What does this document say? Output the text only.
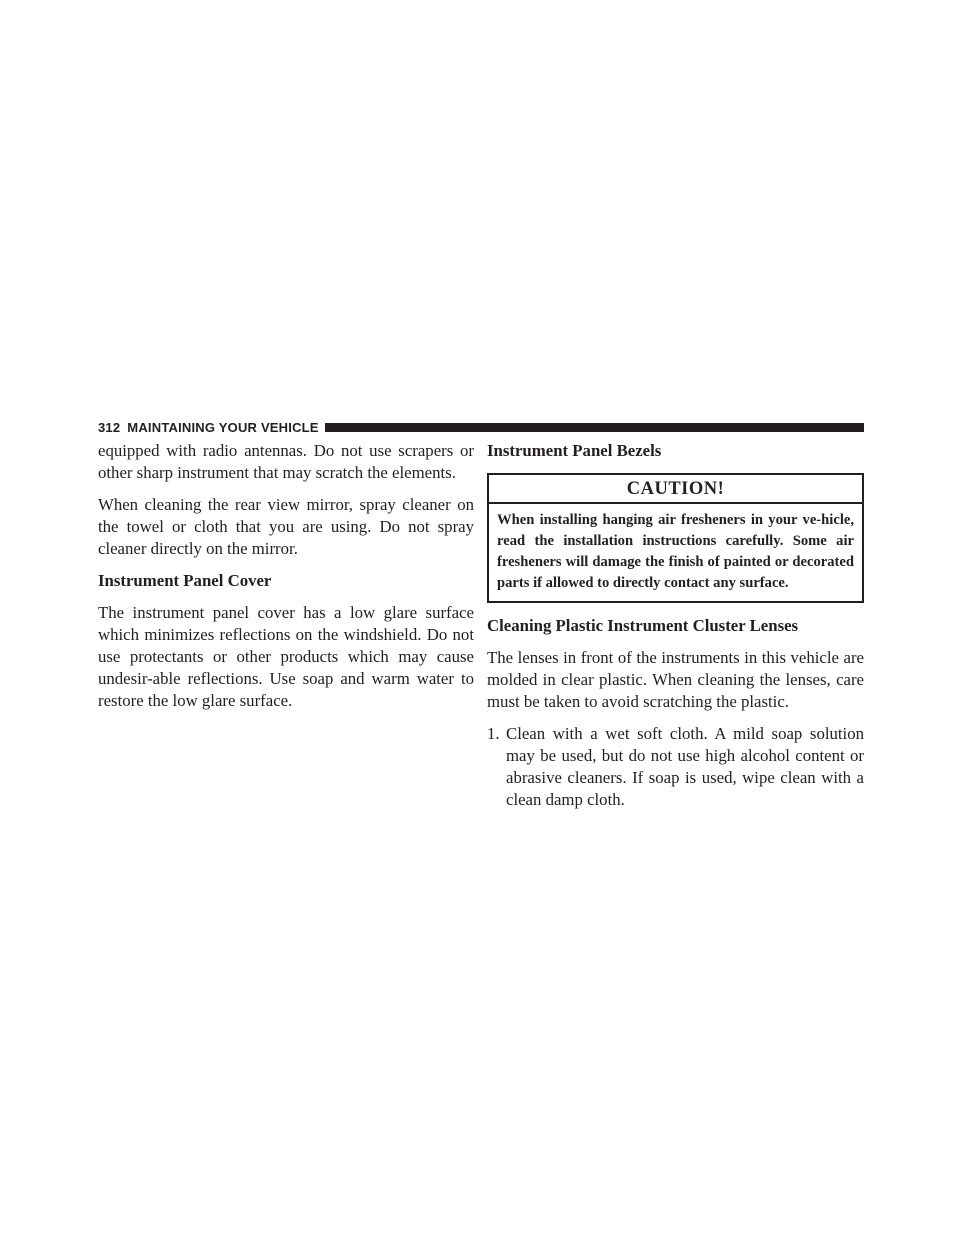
312 MAINTAINING YOUR VEHICLE

equipped with radio antennas. Do not use scrapers or other sharp instrument that may scratch the elements.

When cleaning the rear view mirror, spray cleaner on the towel or cloth that you are using. Do not spray cleaner directly on the mirror.

Instrument Panel Cover

The instrument panel cover has a low glare surface which minimizes reflections on the windshield. Do not use protectants or other products which may cause undesir-able reflections. Use soap and warm water to restore the low glare surface.

Instrument Panel Bezels
CAUTION!
When installing hanging air fresheners in your ve-hicle, read the installation instructions carefully. Some air fresheners will damage the finish of painted or decorated parts if allowed to directly contact any surface.
Cleaning Plastic Instrument Cluster Lenses

The lenses in front of the instruments in this vehicle are molded in clear plastic. When cleaning the lenses, care must be taken to avoid scratching the plastic.

1. Clean with a wet soft cloth. A mild soap solution may be used, but do not use high alcohol content or abrasive cleaners. If soap is used, wipe clean with a clean damp cloth.
